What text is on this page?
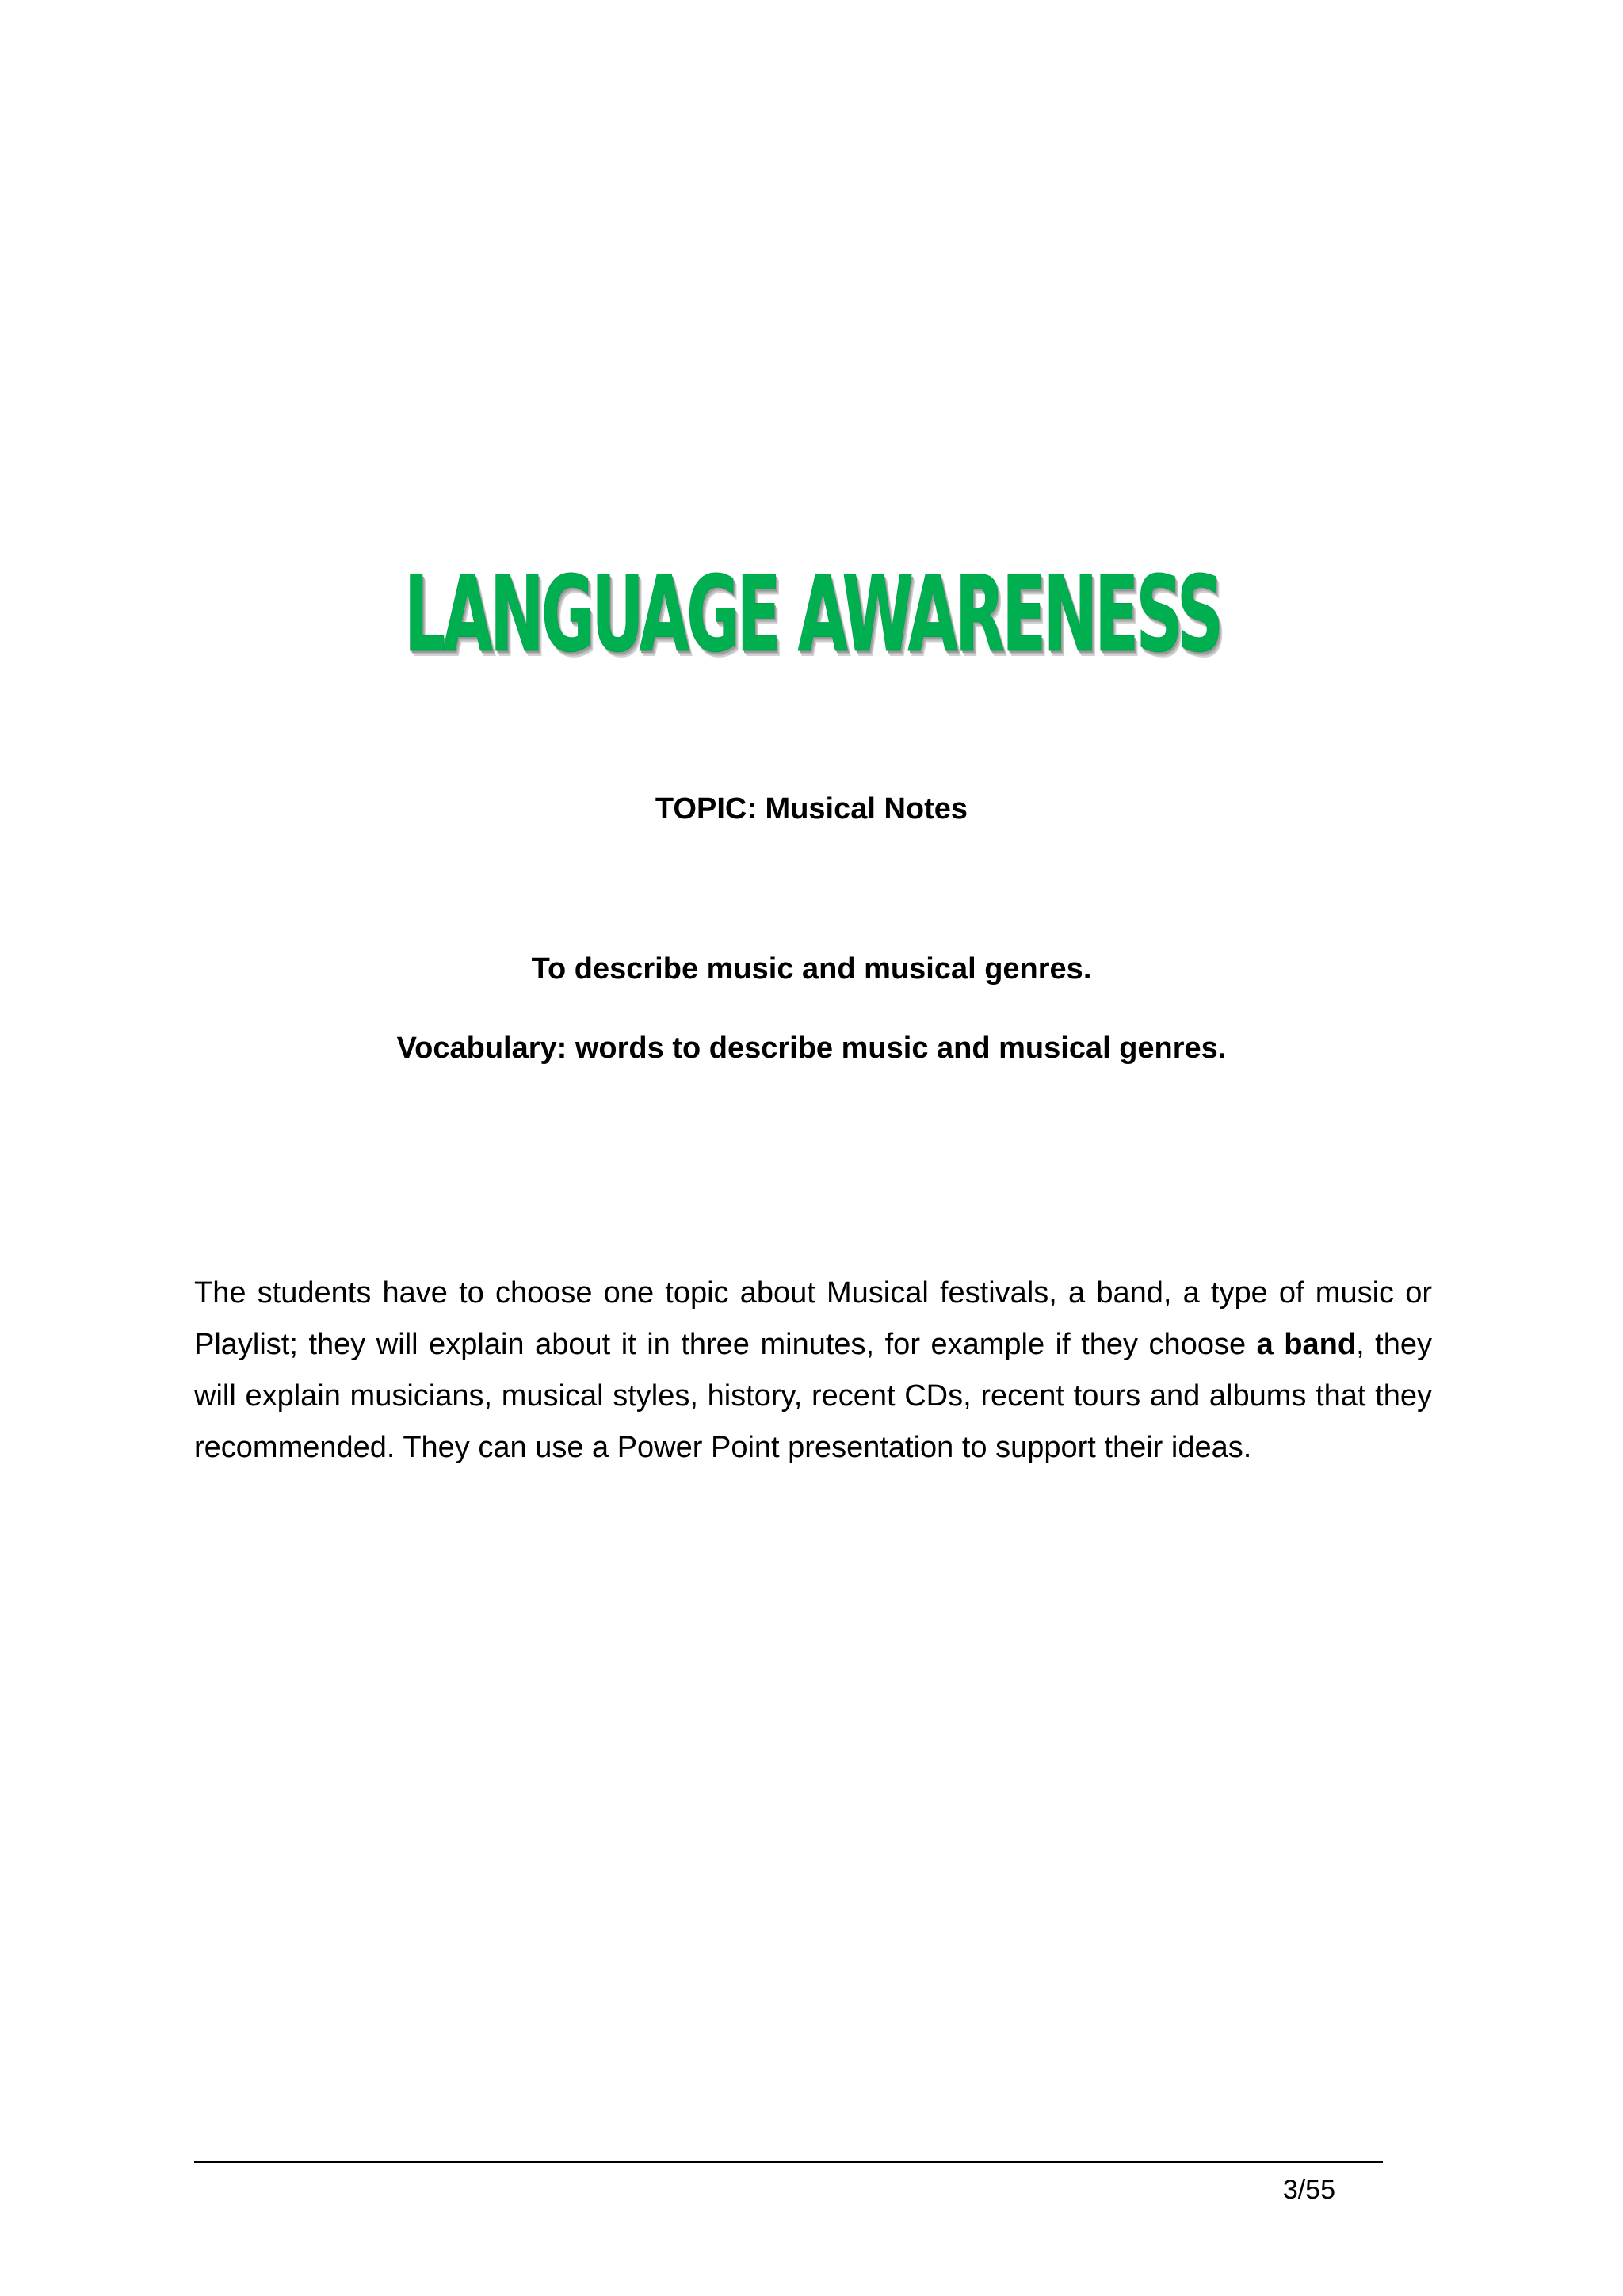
LANGUAGE AWARENESS
TOPIC: Musical Notes
To describe music and musical genres.
Vocabulary: words to describe music and musical genres.
The students have to choose one topic about Musical festivals, a band, a type of music or Playlist; they will explain about it in three minutes, for example if they choose a band, they will explain musicians, musical styles, history, recent CDs, recent tours and albums that they recommended. They can use a Power Point presentation to support their ideas.
3/55
